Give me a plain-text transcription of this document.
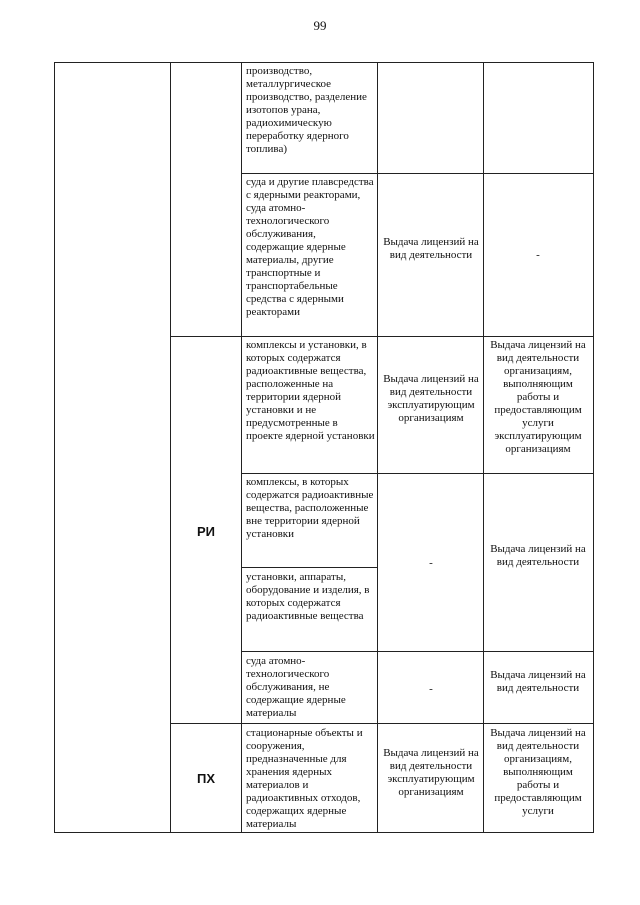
99
РИ
ПХ
производство, металлургическое производство, разделение изотопов урана, радиохимическую переработку ядерного топлива)
суда и другие плавсредства с ядерными реакторами, суда атомно-технологического обслуживания, содержащие ядерные материалы, другие транспортные и транспортабельные средства с ядерными реакторами
Выдача лицензий на вид деятельности	-
комплексы и установки, в которых содержатся радиоактивные вещества, расположенные на территории ядерной установки и не предусмотренные в проекте ядерной установки
Выдача лицензий на вид деятельности эксплуатирующим организациям
Выдача лицензий на вид деятельности организациям, выполняющим работы и предоставляющим услуги эксплуатирующим организациям
комплексы, в которых содержатся радиоактивные вещества, расположенные вне территории ядерной установки
-
Выдача лицензий на вид деятельности
установки, аппараты, оборудование и изделия, в которых содержатся радиоактивные вещества
суда атомно-технологического обслуживания, не содержащие ядерные материалы
-
Выдача лицензий на вид деятельности
стационарные объекты и сооружения, предназначенные для хранения ядерных материалов и радиоактивных отходов, содержащих ядерные материалы
Выдача лицензий на вид деятельности эксплуатирующим организациям
Выдача лицензий на вид деятельности организациям, выполняющим работы и предоставляющим услуги
